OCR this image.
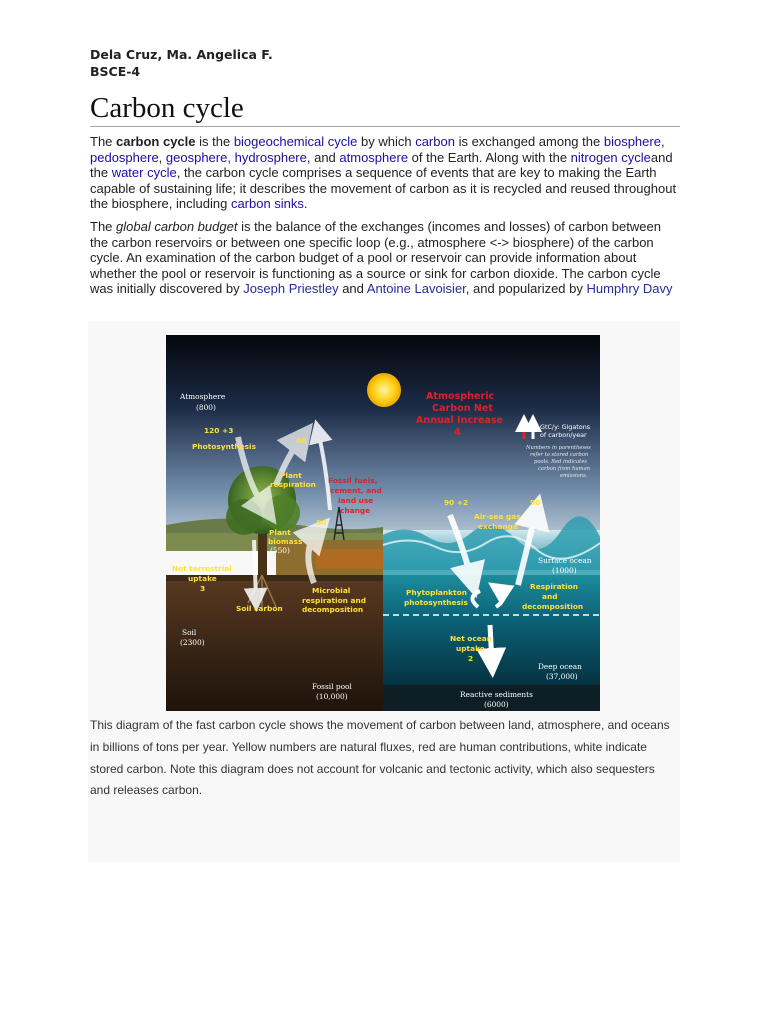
Dela Cruz, Ma. Angelica F.
BSCE-4
Carbon cycle

The carbon cycle is the biogeochemical cycle by which carbon is exchanged among the biosphere, pedosphere, geosphere, hydrosphere, and atmosphere of the Earth. Along with the nitrogen cycleand the water cycle, the carbon cycle comprises a sequence of events that are key to making the Earth capable of sustaining life; it describes the movement of carbon as it is recycled and reused throughout the biosphere, including carbon sinks.

The global carbon budget is the balance of the exchanges (incomes and losses) of carbon between the carbon reservoirs or between one specific loop (e.g., atmosphere <-> biosphere) of the carbon cycle. An examination of the carbon budget of a pool or reservoir can provide information about whether the pool or reservoir is functioning as a source or sink for carbon dioxide. The carbon cycle was initially discovered by Joseph Priestley and Antoine Lavoisier, and popularized by Humphry Davy

Atmosphere
(800)
120 +3
Photosynthesis
60
Plant
respiration
Plant
biomass
(550)
60
Fossil fuels,
cement, and
land use
change
Net terrestrial
uptake
3
Soil carbon
Microbial
respiration and
decomposition
Soil
(2300)
Fossil pool
(10,000)
90 +2	90
Air-sea gas
exchange
Surface ocean
(1000)
Phytoplankton
photosynthesis
Respiration
and
decomposition
Net ocean
uptake
2
Deep ocean
(37,000)
Reactive sediments
(6000)
Atmospheric
Carbon Net
Annual Increase
4	GtC/y: Gigatons
of carbon/year
Numbers in parentheses
refer to stored carbon
pools. Red indicates
carbon from human
emissions.

This diagram of the fast carbon cycle shows the movement of carbon between land, atmosphere, and oceans in billions of tons per year. Yellow numbers are natural fluxes, red are human contributions, white indicate stored carbon. Note this diagram does not account for volcanic and tectonic activity, which also sequesters and releases carbon.
